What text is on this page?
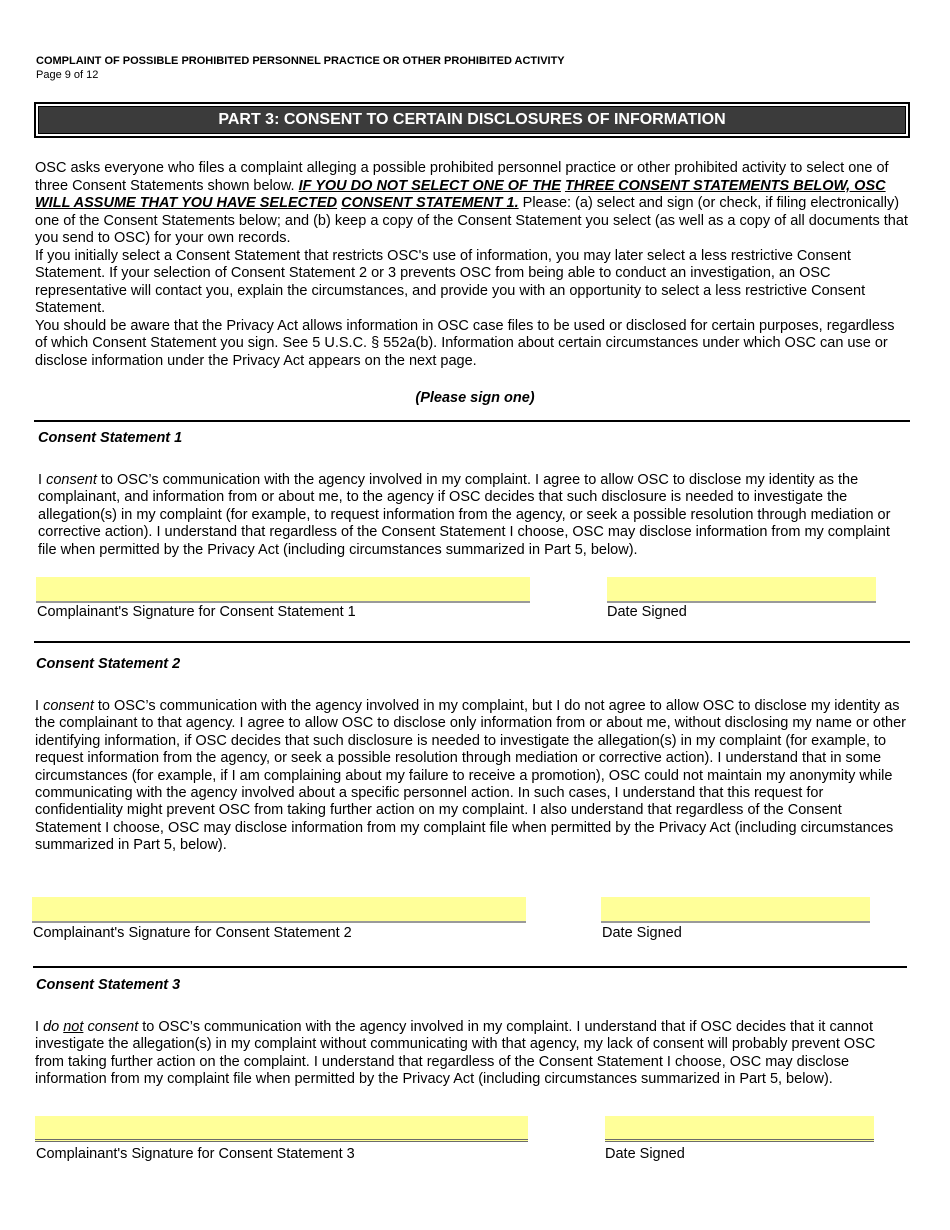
COMPLAINT OF POSSIBLE PROHIBITED PERSONNEL PRACTICE OR OTHER PROHIBITED ACTIVITY
Page 9 of 12
PART 3: CONSENT TO CERTAIN DISCLOSURES OF INFORMATION

OSC asks everyone who files a complaint alleging a possible prohibited personnel practice or other prohibited activity to select one of three Consent Statements shown below. IF YOU DO NOT SELECT ONE OF THE THREE CONSENT STATEMENTS BELOW, OSC WILL ASSUME THAT YOU HAVE SELECTED CONSENT STATEMENT 1. Please: (a) select and sign (or check, if filing electronically) one of the Consent Statements below; and (b) keep a copy of the Consent Statement you select (as well as a copy of all documents that you send to OSC) for your own records.

If you initially select a Consent Statement that restricts OSC's use of information, you may later select a less restrictive Consent Statement. If your selection of Consent Statement 2 or 3 prevents OSC from being able to conduct an investigation, an OSC representative will contact you, explain the circumstances, and provide you with an opportunity to select a less restrictive Consent Statement.

You should be aware that the Privacy Act allows information in OSC case files to be used or disclosed for certain purposes, regardless of which Consent Statement you sign. See 5 U.S.C. § 552a(b). Information about certain circumstances under which OSC can use or disclose information under the Privacy Act appears on the next page.

(Please sign one)
Consent Statement 1

I consent to OSC’s communication with the agency involved in my complaint. I agree to allow OSC to disclose my identity as the complainant, and information from or about me, to the agency if OSC decides that such disclosure is needed to investigate the allegation(s) in my complaint (for example, to request information from the agency, or seek a possible resolution through mediation or corrective action). I understand that regardless of the Consent Statement I choose, OSC may disclose information from my complaint file when permitted by the Privacy Act (including circumstances summarized in Part 5, below).

Complainant's Signature for Consent Statement 1	Date Signed
Consent Statement 2

I consent to OSC’s communication with the agency involved in my complaint, but I do not agree to allow OSC to disclose my identity as the complainant to that agency. I agree to allow OSC to disclose only information from or about me, without disclosing my name or other identifying information, if OSC decides that such disclosure is needed to investigate the allegation(s) in my complaint (for example, to request information from the agency, or seek a possible resolution through mediation or corrective action). I understand that in some circumstances (for example, if I am complaining about my failure to receive a promotion), OSC could not maintain my anonymity while communicating with the agency involved about a specific personnel action. In such cases, I understand that this request for confidentiality might prevent OSC from taking further action on my complaint. I also understand that regardless of the Consent Statement I choose, OSC may disclose information from my complaint file when permitted by the Privacy Act (including circumstances summarized in Part 5, below).

Complainant's Signature for Consent Statement 2	Date Signed
Consent Statement 3

I do not consent to OSC’s communication with the agency involved in my complaint. I understand that if OSC decides that it cannot investigate the allegation(s) in my complaint without communicating with that agency, my lack of consent will probably prevent OSC from taking further action on the complaint. I understand that regardless of the Consent Statement I choose, OSC may disclose information from my complaint file when permitted by the Privacy Act (including circumstances summarized in Part 5, below).

Complainant's Signature for Consent Statement 3	Date Signed
